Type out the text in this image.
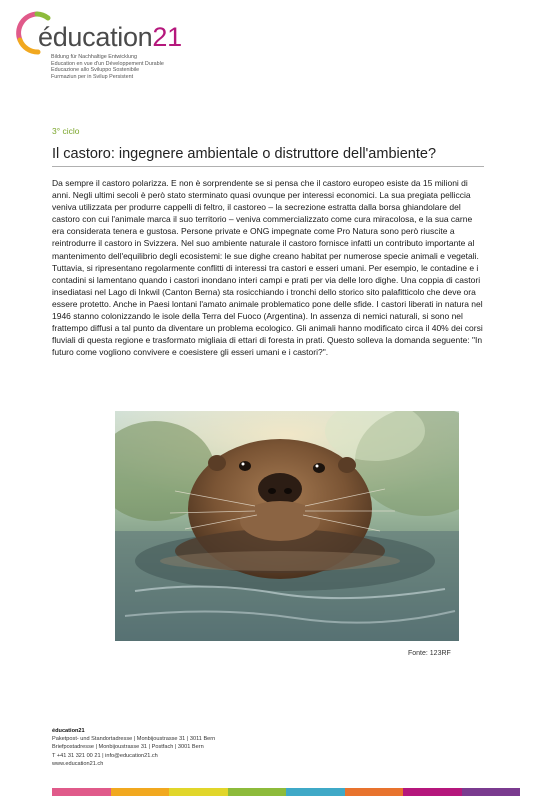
éducation21
Bildung für Nachhaltige Entwicklung
Education en vue d'un Développement Durable
Educazione allo Sviluppo Sostenibile
Furmaziun per in Svilup Persistent
3° ciclo
Il castoro: ingegnere ambientale o distruttore dell'ambiente?

Da sempre il castoro polarizza. E non è sorprendente se si pensa che il castoro europeo esiste da 15 milioni di anni. Negli ultimi secoli è però stato sterminato quasi ovunque per interessi economici. La sua pregiata pelliccia veniva utilizzata per produrre cappelli di feltro, il castoreo – la secrezione estratta dalla borsa ghiandolare del castoro con cui l'animale marca il suo territorio – veniva commercializzato come cura miracolosa, e la sua carne era considerata tenera e gustosa. Persone private e ONG impegnate come Pro Natura sono però riuscite a reintrodurre il castoro in Svizzera. Nel suo ambiente naturale il castoro fornisce infatti un contributo importante al mantenimento dell'equilibrio degli ecosistemi: le sue dighe creano habitat per numerose specie animali e vegetali. Tuttavia, si ripresentano regolarmente conflitti di interessi tra castori e esseri umani. Per esempio, le contadine e i contadini si lamentano quando i castori inondano interi campi e prati per via delle loro dighe. Una coppia di castori insediatasi nel Lago di Inkwil (Canton Berna) sta rosicchiando i tronchi dello storico sito palafitticolo che deve ora essere protetto. Anche in Paesi lontani l'amato animale problematico pone delle sfide. I castori liberati in natura nel 1946 stanno colonizzando le isole della Terra del Fuoco (Argentina). In assenza di nemici naturali, si sono nel frattempo diffusi a tal punto da diventare un problema ecologico. Gli animali hanno modificato circa il 40% dei corsi fluviali di questa regione e trasformato migliaia di ettari di foresta in prati. Questo solleva la domanda seguente: "In futuro come vogliono convivere e coesistere gli esseri umani e i castori?".

Fonte: 123RF
éducation21
Paketpost- und Standortadresse | Monbijoustrasse 31 | 3011 Bern
Briefpostadresse | Monbijoustrasse 31 | Postfach | 3001 Bern
T +41 31 321 00 21 | info@education21.ch
www.education21.ch
